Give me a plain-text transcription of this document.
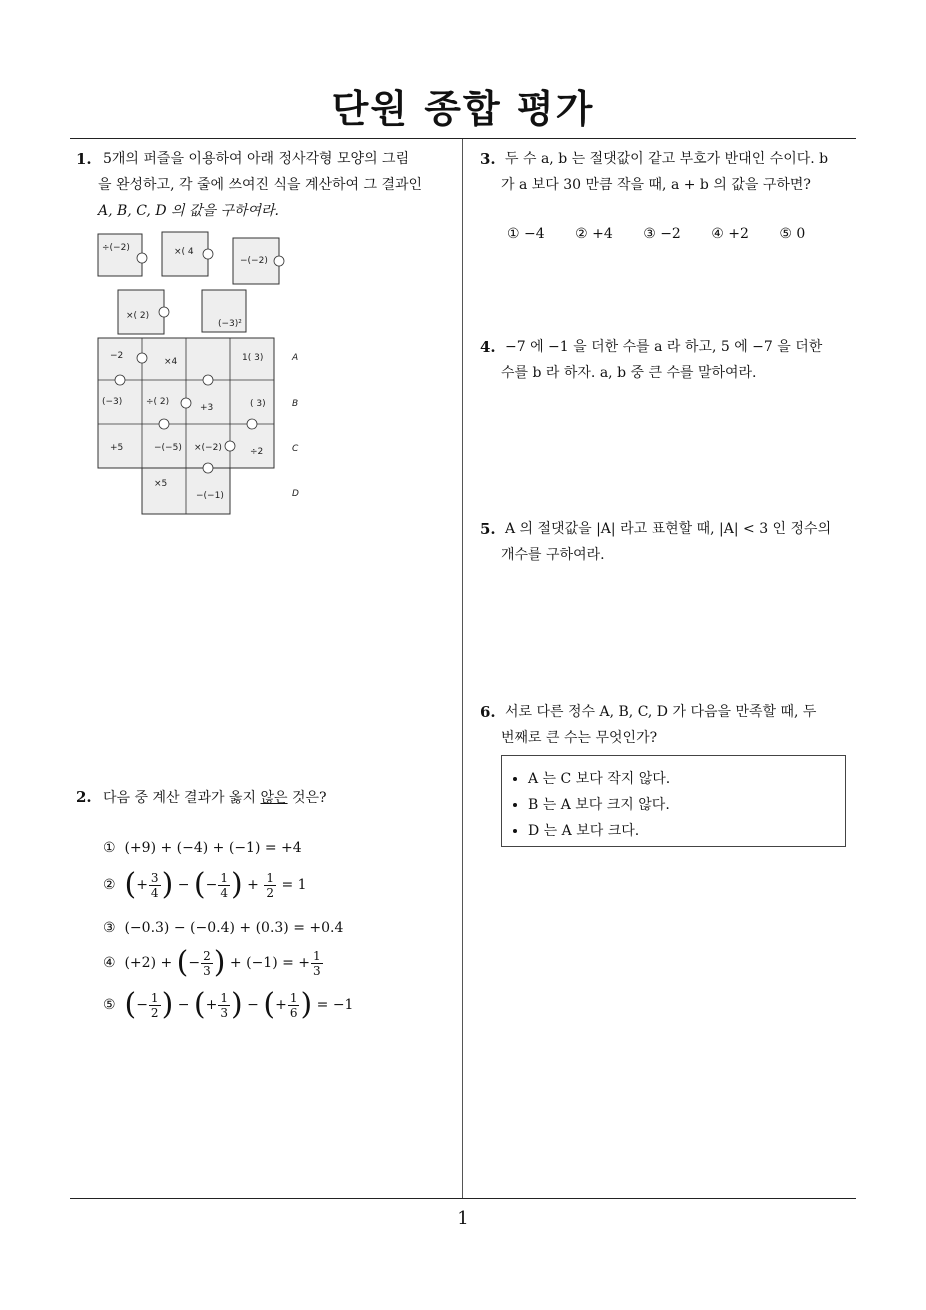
단원 종합 평가
1
1. 5개의 퍼즐을 이용하여 아래 정사각형 모양의 그림
을 완성하고, 각 줄에 쓰여진 식을 계산하여 그 결과인
A, B, C, D 의 값을 구하여라.
÷(−2)	×( 4
−(−2)
×( 2)
(−3)²
−2
×4	1( 3)
(−3)	÷( 2)
+3	( 3)
+5	−(−5) ×(−2)	÷2
×5
−(−1)
A
B
C
D
2. 다음 중 계산 결과가 옳지 않은 것은?
① (+9) + (−4) + (−1) = +4
② (+ $\frac{3}{4}$ ) − (− $\frac{1}{4}$ ) + $\frac{1}{2} = 1$
③ (−0.3) − (−0.4) + (0.3) = +0.4
④ (+2) + (− $\frac{2}{3}$ ) + (−1) = + $\frac{1}{3}$
⑤ (− $\frac{1}{2}$ ) − (+ $\frac{1}{3}$ ) − (+ $\frac{1}{6}$ ) = −1
3. 두 수 a, b 는 절댓값이 같고 부호가 반대인 수이다. b
가 a 보다 30 만큼 작을 때, a + b 의 값을 구하면?
① −4 ② +4 ③ −2 ④ +2 ⑤ 0
4. −7 에 −1 을 더한 수를 a 라 하고, 5 에 −7 을 더한
수를 b 라 하자. a, b 중 큰 수를 말하여라.
5. A 의 절댓값을 |A| 라고 표현할 때, |A| < 3 인 정수의
개수를 구하여라.
6. 서로 다른 정수 A, B, C, D 가 다음을 만족할 때, 두
번째로 큰 수는 무엇인가?
• A 는 C 보다 작지 않다.
• B 는 A 보다 크지 않다.
• D 는 A 보다 크다.
